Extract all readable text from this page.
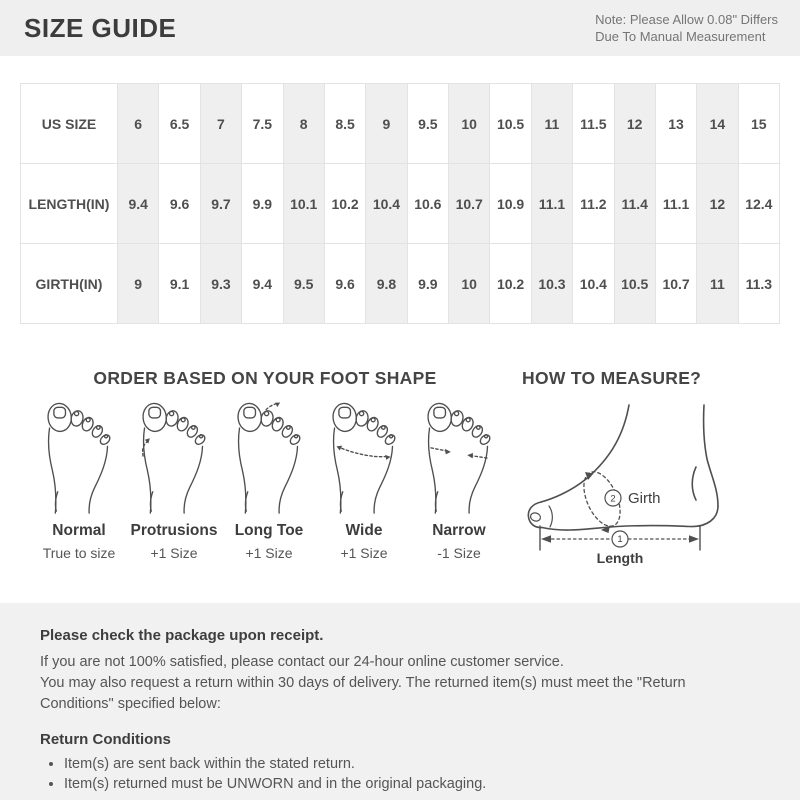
SIZE GUIDE	Note: Please Allow 0.08" Differs
Due To Manual Measurement
US SIZE	6	6.5	7	7.5	8	8.5	9	9.5	10	10.5	11	11.5	12	13	14	15
LENGTH(IN)	9.4	9.6	9.7	9.9	10.1	10.2	10.4	10.6	10.7	10.9	11.1	11.2	11.4	11.1	12	12.4
GIRTH(IN)	9	9.1	9.3	9.4	9.5	9.6	9.8	9.9	10	10.2	10.3	10.4	10.5	10.7	11	11.3
ORDER BASED ON YOUR FOOT SHAPE
Normal
True to size
Protrusions
+1 Size
Long Toe
+1 Size
Wide
+1 Size
Narrow
-1 Size
HOW TO MEASURE?
2 Girth
1
Length
Please check the package upon receipt.
If you are not 100% satisfied, please contact our 24-hour online customer service.
You may also request a return within 30 days of delivery. The returned item(s) must meet the "Return Conditions" specified below:
Return Conditions
• Item(s) are sent back within the stated return.
• Item(s) returned must be UNWORN and in the original packaging.
